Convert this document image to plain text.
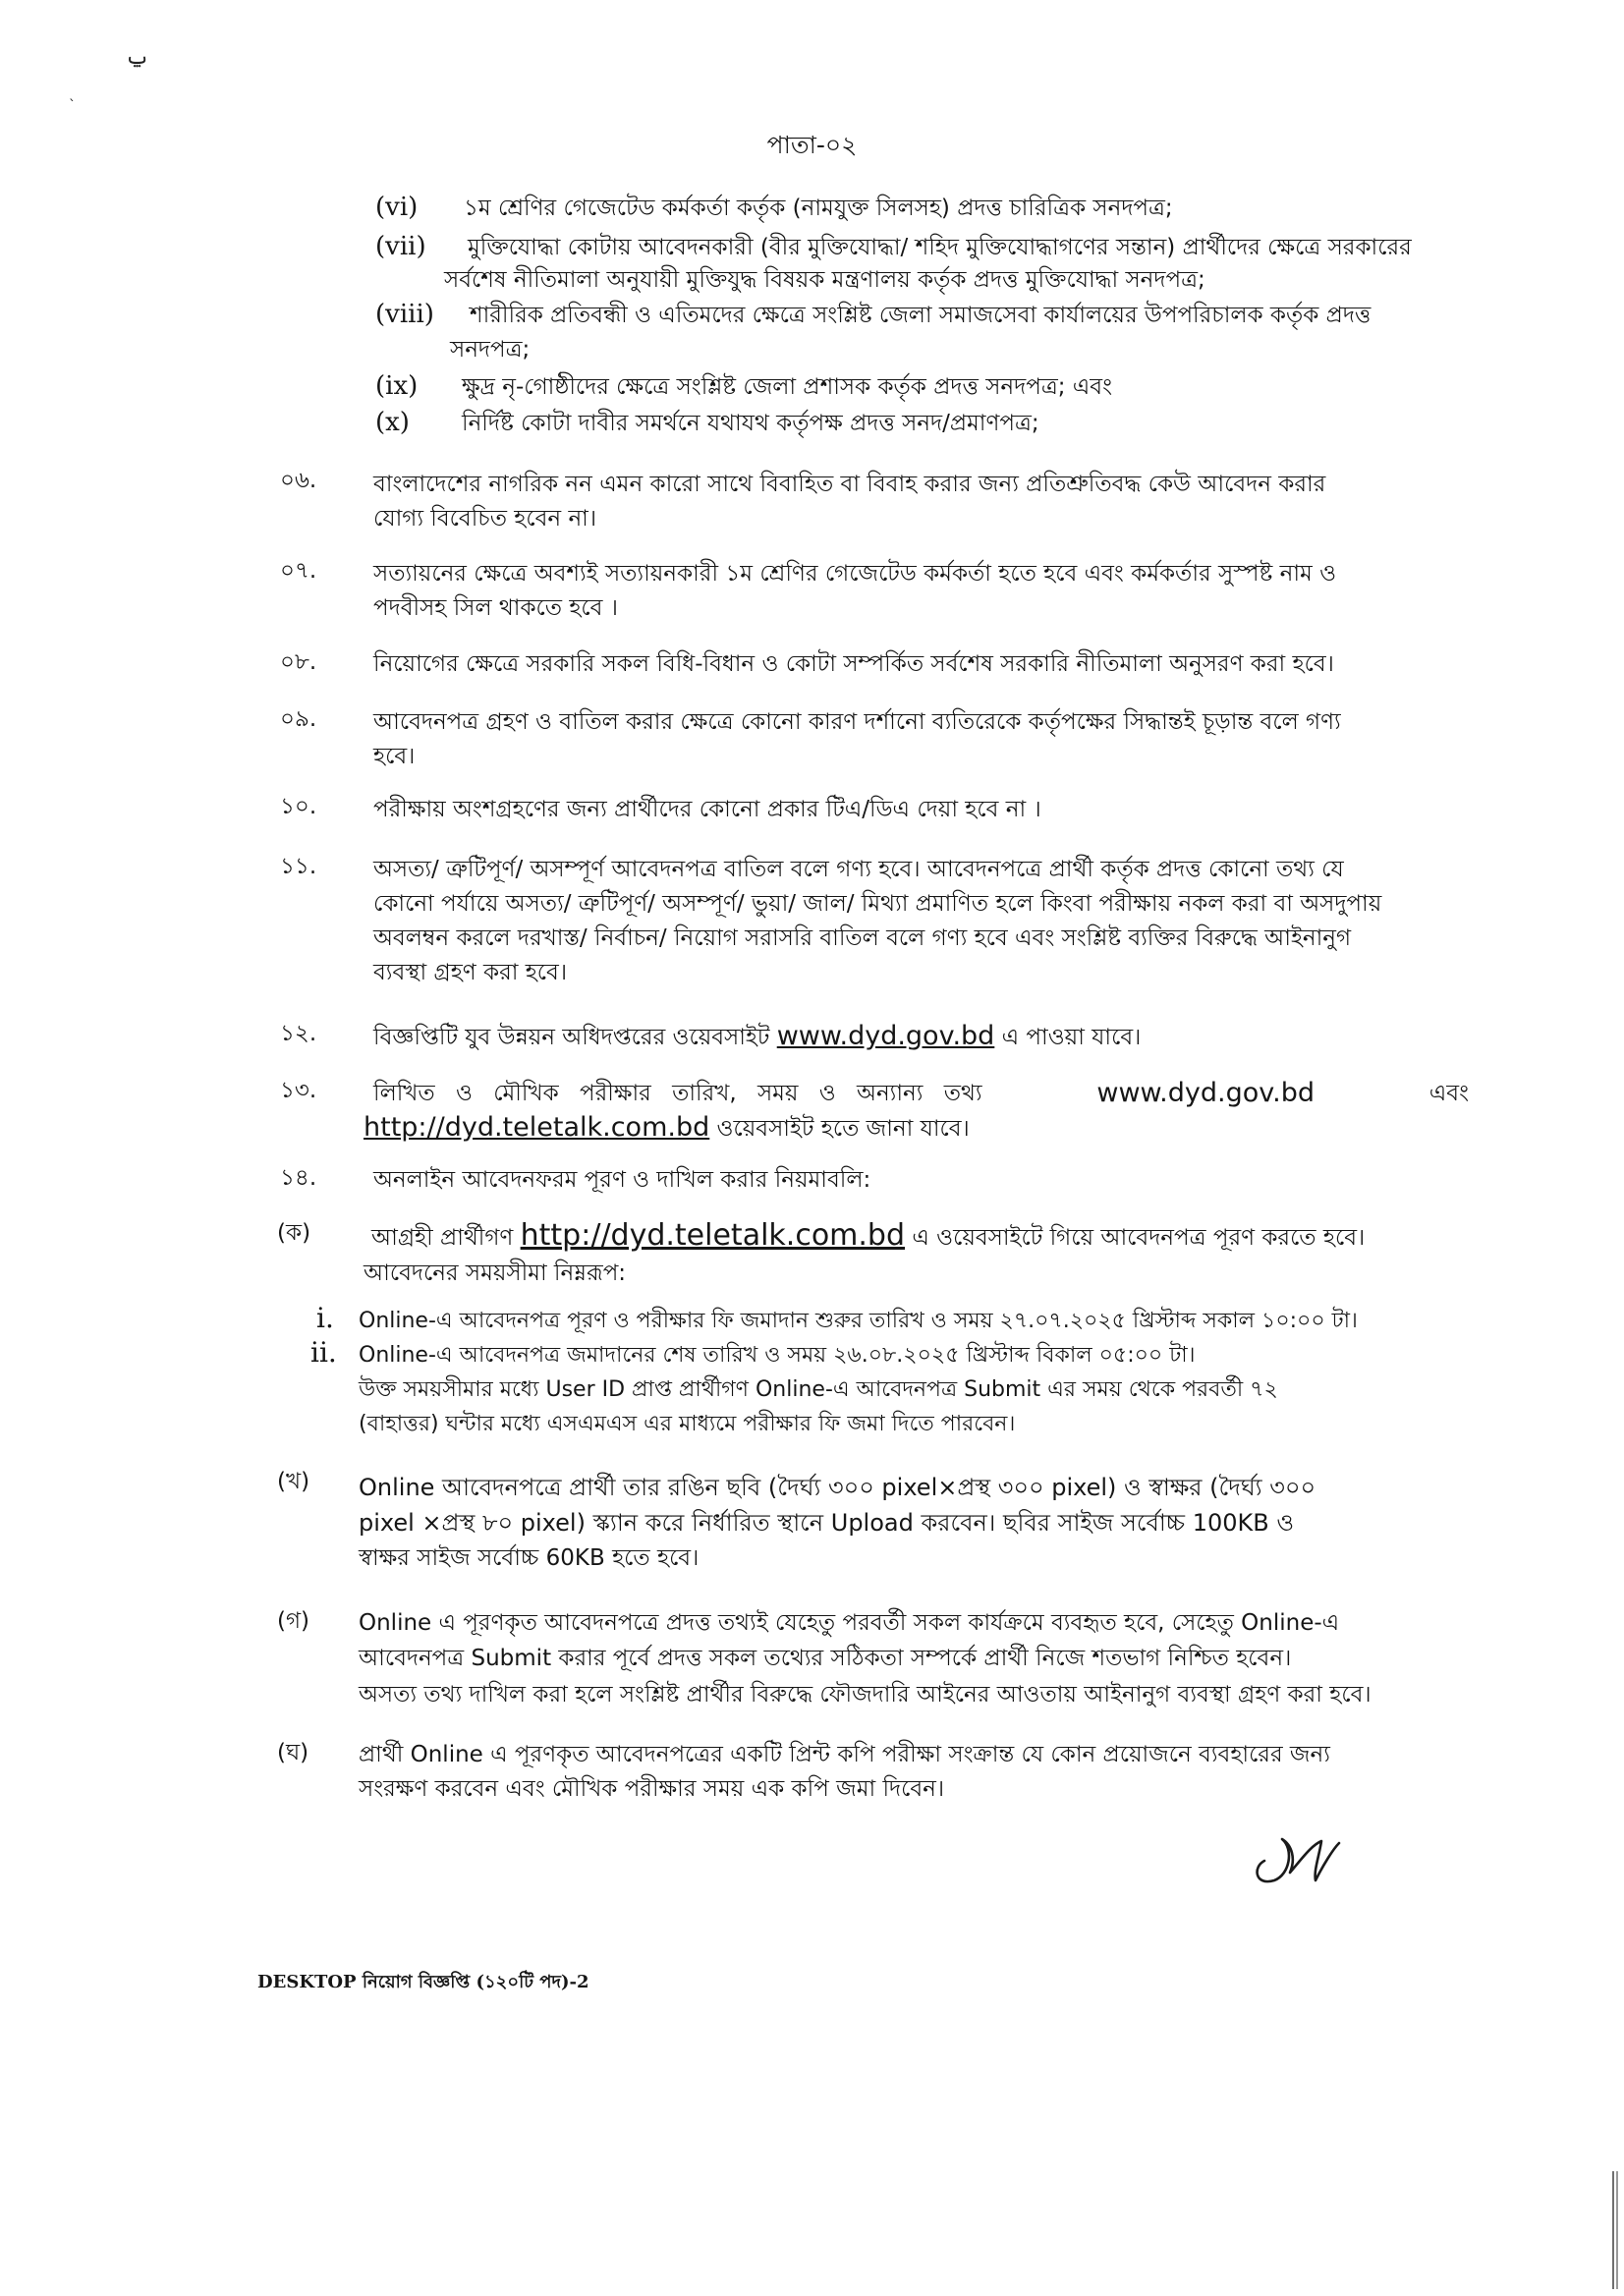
ݐ
ˋ
পাতা-০২
(vi) ১ম শ্রেণির গেজেটেড কর্মকর্তা কর্তৃক (নামযুক্ত সিলসহ) প্রদত্ত চারিত্রিক সনদপত্র;
(vii) মুক্তিযোদ্ধা কোটায় আবেদনকারী (বীর মুক্তিযোদ্ধা/ শহিদ মুক্তিযোদ্ধাগণের সন্তান) প্রার্থীদের ক্ষেত্রে সরকারের
সর্বশেষ নীতিমালা অনুযায়ী মুক্তিযুদ্ধ বিষয়ক মন্ত্রণালয় কর্তৃক প্রদত্ত মুক্তিযোদ্ধা সনদপত্র;
(viii) শারীরিক প্রতিবন্ধী ও এতিমদের ক্ষেত্রে সংশ্লিষ্ট জেলা সমাজসেবা কার্যালয়ের উপপরিচালক কর্তৃক প্রদত্ত
সনদপত্র;
(ix) ক্ষুদ্র নৃ-গোষ্ঠীদের ক্ষেত্রে সংশ্লিষ্ট জেলা প্রশাসক কর্তৃক প্রদত্ত সনদপত্র; এবং
(x) নির্দিষ্ট কোটা দাবীর সমর্থনে যথাযথ কর্তৃপক্ষ প্রদত্ত সনদ/প্রমাণপত্র;
০৬.	বাংলাদেশের নাগরিক নন এমন কারো সাথে বিবাহিত বা বিবাহ করার জন্য প্রতিশ্রুতিবদ্ধ কেউ আবেদন করার
যোগ্য বিবেচিত হবেন না।
০৭.	সত্যায়নের ক্ষেত্রে অবশ্যই সত্যায়নকারী ১ম শ্রেণির গেজেটেড কর্মকর্তা হতে হবে এবং কর্মকর্তার সুস্পষ্ট নাম ও
পদবীসহ সিল থাকতে হবে ।
০৮.	নিয়োগের ক্ষেত্রে সরকারি সকল বিধি-বিধান ও কোটা সম্পর্কিত সর্বশেষ সরকারি নীতিমালা অনুসরণ করা হবে।
০৯.	আবেদনপত্র গ্রহণ ও বাতিল করার ক্ষেত্রে কোনো কারণ দর্শানো ব্যতিরেকে কর্তৃপক্ষের সিদ্ধান্তই চূড়ান্ত বলে গণ্য
হবে।
১০.	পরীক্ষায় অংশগ্রহণের জন্য প্রার্থীদের কোনো প্রকার টিএ/ডিএ দেয়া হবে না ।
১১.	অসত্য/ ত্রুটিপূর্ণ/ অসম্পূর্ণ আবেদনপত্র বাতিল বলে গণ্য হবে। আবেদনপত্রে প্রার্থী কর্তৃক প্রদত্ত কোনো তথ্য যে
কোনো পর্যায়ে অসত্য/ ত্রুটিপূর্ণ/ অসম্পূর্ণ/ ভুয়া/ জাল/ মিথ্যা প্রমাণিত হলে কিংবা পরীক্ষায় নকল করা বা অসদুপায়
অবলম্বন করলে দরখাস্ত/ নির্বাচন/ নিয়োগ সরাসরি বাতিল বলে গণ্য হবে এবং সংশ্লিষ্ট ব্যক্তির বিরুদ্ধে আইনানুগ
ব্যবস্থা গ্রহণ করা হবে।
১২.	বিজ্ঞপ্তিটি যুব উন্নয়ন অধিদপ্তরের ওয়েবসাইট www.dyd.gov.bd এ পাওয়া যাবে।
১৩.	লিখিত ও মৌখিক পরীক্ষার তারিখ, সময় ও অন্যান্য তথ্য	www.dyd.gov.bd	এবং
http://dyd.teletalk.com.bd ওয়েবসাইট হতে জানা যাবে।
১৪.	অনলাইন আবেদনফরম পূরণ ও দাখিল করার নিয়মাবলি:
(ক)	আগ্রহী প্রার্থীগণ http://dyd.teletalk.com.bd এ ওয়েবসাইটে গিয়ে আবেদনপত্র পূরণ করতে হবে।
আবেদনের সময়সীমা নিম্নরূপ:
i. Online-এ আবেদনপত্র পূরণ ও পরীক্ষার ফি জমাদান শুরুর তারিখ ও সময় ২৭.০৭.২০২৫ খ্রিস্টাব্দ সকাল ১০:০০ টা।
ii. Online-এ আবেদনপত্র জমাদানের শেষ তারিখ ও সময় ২৬.০৮.২০২৫ খ্রিস্টাব্দ বিকাল ০৫:০০ টা।
উক্ত সময়সীমার মধ্যে User ID প্রাপ্ত প্রার্থীগণ Online-এ আবেদনপত্র Submit এর সময় থেকে পরবর্তী ৭২
(বাহাত্তর) ঘন্টার মধ্যে এসএমএস এর মাধ্যমে পরীক্ষার ফি জমা দিতে পারবেন।
(খ) Online আবেদনপত্রে প্রার্থী তার রঙিন ছবি (দৈর্ঘ্য ৩০০ pixel×প্রস্থ ৩০০ pixel) ও স্বাক্ষর (দৈর্ঘ্য ৩০০
pixel ×প্রস্থ ৮০ pixel) স্ক্যান করে নির্ধারিত স্থানে Upload করবেন। ছবির সাইজ সর্বোচ্চ 100KB ও
স্বাক্ষর সাইজ সর্বোচ্চ 60KB হতে হবে।
(গ) Online এ পূরণকৃত আবেদনপত্রে প্রদত্ত তথ্যই যেহেতু পরবর্তী সকল কার্যক্রমে ব্যবহৃত হবে, সেহেতু Online-এ
আবেদনপত্র Submit করার পূর্বে প্রদত্ত সকল তথ্যের সঠিকতা সম্পর্কে প্রার্থী নিজে শতভাগ নিশ্চিত হবেন।
অসত্য তথ্য দাখিল করা হলে সংশ্লিষ্ট প্রার্থীর বিরুদ্ধে ফৌজদারি আইনের আওতায় আইনানুগ ব্যবস্থা গ্রহণ করা হবে।
(ঘ) প্রার্থী Online এ পূরণকৃত আবেদনপত্রের একটি প্রিন্ট কপি পরীক্ষা সংক্রান্ত যে কোন প্রয়োজনে ব্যবহারের জন্য
সংরক্ষণ করবেন এবং মৌখিক পরীক্ষার সময় এক কপি জমা দিবেন।
DESKTOP নিয়োগ বিজ্ঞপ্তি (১২০টি পদ)-2
